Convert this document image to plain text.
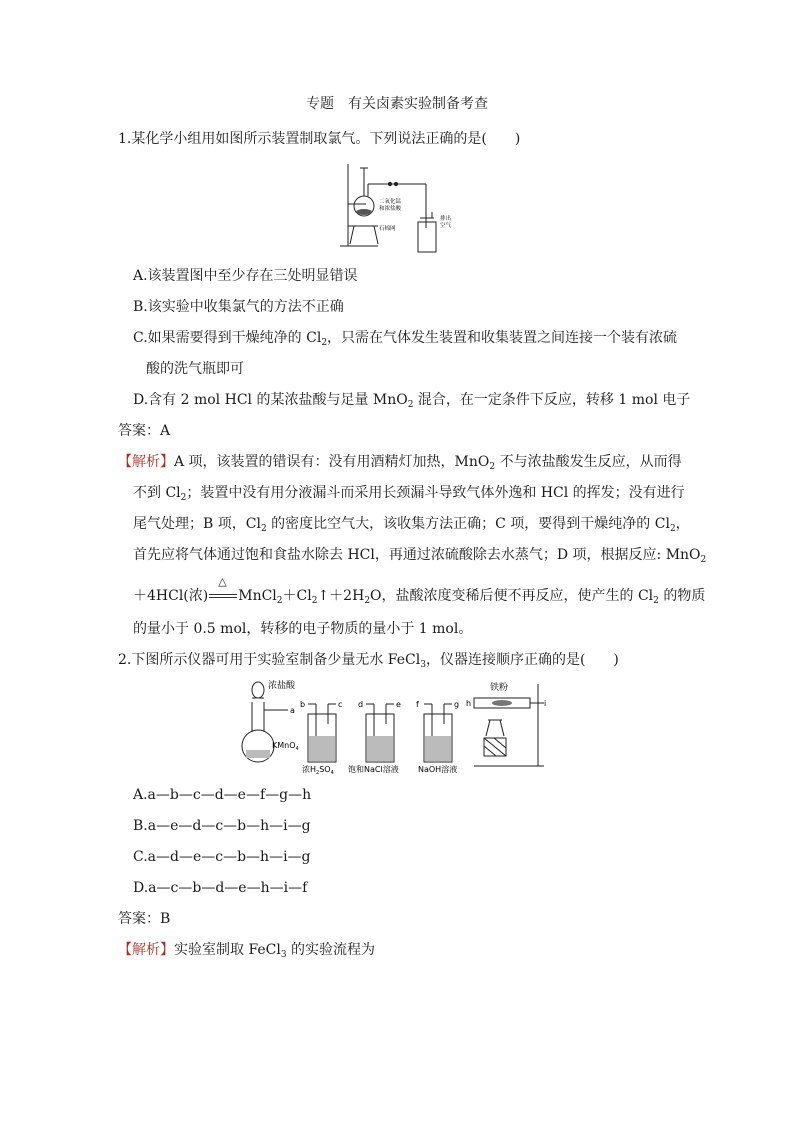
专题　有关卤素实验制备考查
1.某化学小组用如图所示装置制取氯气。下列说法正确的是(　　)
二氧化锰
和浓盐酸
石棉网
排出
空气
A.该装置图中至少存在三处明显错误
B.该实验中收集氯气的方法不正确
C.如果需要得到干燥纯净的 $Cl_2$，只需在气体发生装置和收集装置之间连接一个装有浓硫
酸的洗气瓶即可
D.含有 2 mol HCl 的某浓盐酸与足量 MnO$_2$ 混合，在一定条件下反应，转移 1 mol 电子
答案：A
【解析】A 项，该装置的错误有：没有用酒精灯加热，MnO$_2$ 不与浓盐酸发生反应，从而得
不到 $Cl_2$；装置中没有用分液漏斗而采用长颈漏斗导致气体外逸和 HCl 的挥发；没有进行
尾气处理；B 项，$Cl_2$ 的密度比空气大，该收集方法正确；C 项，要得到干燥纯净的 $Cl_2$，
首先应将气体通过饱和食盐水除去 HCl，再通过浓硫酸除去水蒸气；D 项，根据反应: MnO$_2$
＋4HCl(浓)
△
$MnCl_2+Cl_2↑+2H_2O$，盐酸浓度变稀后便不再反应，使产生的 $Cl_2$ 的物质
的量小于 0.5 mol，转移的电子物质的量小于 1 mol。
2.下图所示仪器可用于实验室制备少量无水 FeCl$_3$，仪器连接顺序正确的是(　　)
浓盐酸
a
b	c d	e f	g h	i
KMnO$_4$
浓$H_2SO_4$ 饱和NaCl溶液 NaOH溶液
铁粉
A.a—b—c—d—e—f—g—h
B.a—e—d—c—b—h—i—g
C.a—d—e—c—b—h—i—g
D.a—c—b—d—e—h—i—f
答案：B
【解析】实验室制取 FeCl$_3$ 的实验流程为
